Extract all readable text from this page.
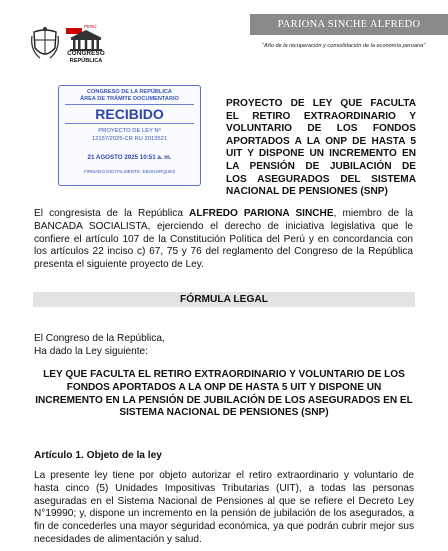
PARIONA SINCHE ALFREDO
"Año de la recuperación y consolidación de la economía peruana"
PERÚ
CONGRESO
REPÚBLICA
CONGRESO DE LA REPÚBLICA
ÁREA DE TRÁMITE DOCUMENTARIO
RECIBIDO
PROYECTO DE LEY Nº
12157/2025-CR RU 2013521
21 AGOSTO 2025 10:51 a. m.
FIRMADO DIGITALMENTE: EBOHORQUEZ
PROYECTO DE LEY QUE FACULTA
EL RETIRO EXTRAORDINARIO Y
VOLUNTARIO DE LOS FONDOS
APORTADOS A LA ONP DE HASTA 5
UIT Y DISPONE UN INCREMENTO EN
LA PENSIÓN DE JUBILACIÓN DE
LOS ASEGURADOS DEL SISTEMA
NACIONAL DE PENSIONES (SNP)
El congresista de la República ALFREDO PARIONA SINCHE, miembro de la BANCADA SOCIALISTA, ejerciendo el derecho de iniciativa legislativa que le confiere el artículo 107 de la Constitución Política del Perú y en concordancia con los artículos 22 inciso c) 67, 75 y 76 del reglamento del Congreso de la República presenta el siguiente proyecto de Ley.
FÓRMULA LEGAL
El Congreso de la República,
Ha dado la Ley siguiente:
LEY QUE FACULTA EL RETIRO EXTRAORDINARIO Y VOLUNTARIO DE LOS FONDOS APORTADOS A LA ONP DE HASTA 5 UIT Y DISPONE UN INCREMENTO EN LA PENSIÓN DE JUBILACIÓN DE LOS ASEGURADOS EN EL SISTEMA NACIONAL DE PENSIONES (SNP)
Artículo 1. Objeto de la ley
La presente ley tiene por objeto autorizar el retiro extraordinario y voluntario de hasta cinco (5) Unidades Impositivas Tributarias (UIT), a todas las personas aseguradas en el Sistema Nacional de Pensiones al que se refiere el Decreto Ley N°19990; y, dispone un incremento en la pensión de jubilación de los asegurados, a fin de concederles una mayor seguridad económica, ya que podrán cubrir mejor sus necesidades de alimentación y salud.
